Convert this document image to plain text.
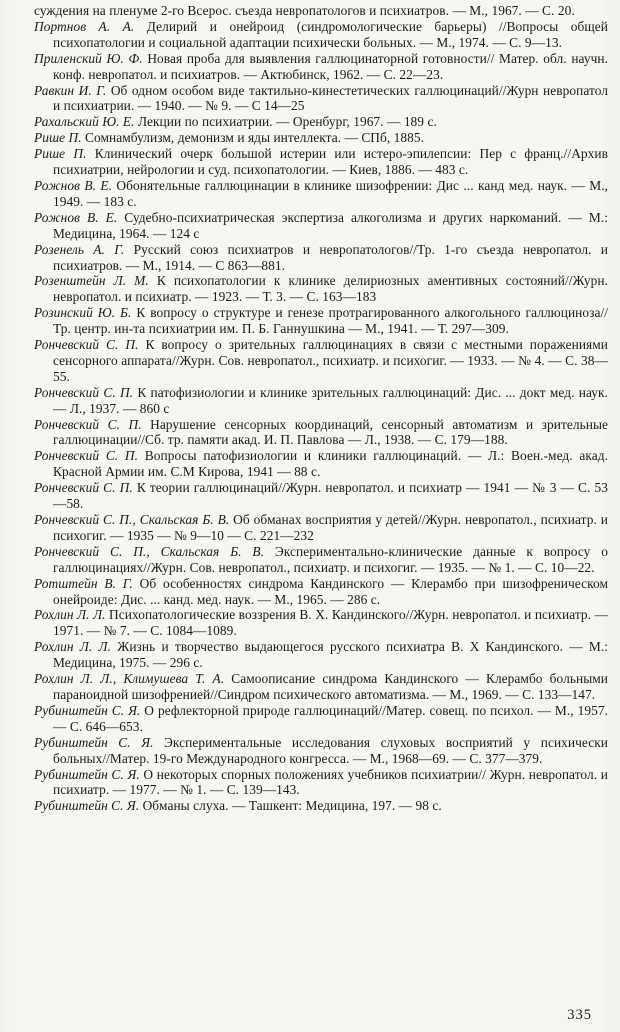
суждения на пленуме 2-го Всерос. съезда невропатологов и психиатров. — М., 1967. — С. 20.
Портнов А. А. Делирий и онейроид (синдромологические барьеры) //Вопросы общей психопатологии и социальной адаптации психически больных. — М., 1974. — С. 9—13.
Приленский Ю. Ф. Новая проба для выявления галлюцинаторной готовности// Матер. обл. научн. конф. невропатол. и психиатров. — Актюбинск, 1962. — С. 22—23.
Равкин И. Г. Об одном особом виде тактильно-кинестетических галлюцинаций//Журн невропатол и психиатрии. — 1940. — № 9. — С 14—25
Рахальский Ю. Е. Лекции по психиатрии. — Оренбург, 1967. — 189 с.
Рише П. Сомнамбулизм, демонизм и яды интеллекта. — СПб, 1885.
Рише П. Клинический очерк большой истерии или истеро-эпилепсии: Пер с франц.//Архив психиатрии, нейрологии и суд. психопатологии. — Киев, 1886. — 483 с.
Рожнов В. Е. Обонятельные галлюцинации в клинике шизофрении: Дис ... канд мед. наук. — М., 1949. — 183 с.
Рожнов В. Е. Судебно-психиатрическая экспертиза алкоголизма и других наркоманий. — М.: Медицина, 1964. — 124 с
Розенель А. Г. Русский союз психиатров и невропатологов//Тр. 1-го съезда невропатол. и психиатров. — М., 1914. — С 863—881.
Розенштейн Л. М. К психопатологии к клинике делириозных аментивных состояний//Журн. невропатол. и психиатр. — 1923. — Т. 3. — С. 163—183
Розинский Ю. Б. К вопросу о структуре и генезе протрагированного алкогольного галлюциноза//Тр. центр. ин-та психиатрии им. П. Б. Ганнушкина — М., 1941. — Т. 297—309.
Рончевский С. П. К вопросу о зрительных галлюцинациях в связи с местными поражениями сенсорного аппарата//Журн. Сов. невропатол., психиатр. и психогиг. — 1933. — № 4. — С. 38—55.
Рончевский С. П. К патофизиологии и клинике зрительных галлюцинаций: Дис. ... докт мед. наук. — Л., 1937. — 860 с
Рончевский С. П. Нарушение сенсорных координаций, сенсорный автоматизм и зрительные галлюцинации//Сб. тр. памяти акад. И. П. Павлова — Л., 1938. — С. 179—188.
Рончевский С. П. Вопросы патофизиологии и клиники галлюцинаций. — Л.: Воен.-мед. акад. Красной Армии им. С.М Кирова, 1941 — 88 с.
Рончевский С. П. К теории галлюцинаций//Журн. невропатол. и психиатр — 1941 — № 3 — С. 53—58.
Рончевский С. П., Скальская Б. В. Об обманах восприятия у детей//Журн. невропатол., психиатр. и психогиг. — 1935 — № 9—10 — С. 221—232
Рончевский С. П., Скальская Б. В. Экспериментально-клинические данные к вопросу о галлюцинациях//Журн. Сов. невропатол., психиатр. и психогиг. — 1935. — № 1. — С. 10—22.
Ротштейн В. Г. Об особенностях синдрома Кандинского — Клерамбо при шизофреническом онейроиде: Дис. ... канд. мед. наук. — М., 1965. — 286 с.
Рохлин Л. Л. Психопатологические воззрения В. Х. Кандинского//Журн. невропатол. и психиатр. — 1971. — № 7. — С. 1084—1089.
Рохлин Л. Л. Жизнь и творчество выдающегося русского психиатра В. Х Кандинского. — М.: Медицина, 1975. — 296 с.
Рохлин Л. Л., Климушева Т. А. Самоописание синдрома Кандинского — Клерамбо больными параноидной шизофренией//Синдром психического автоматизма. — М., 1969. — С. 133—147.
Рубинштейн С. Я. О рефлекторной природе галлюцинаций//Матер. совещ. по психол. — М., 1957. — С. 646—653.
Рубинштейн С. Я. Экспериментальные исследования слуховых восприятий у психически больных//Матер. 19-го Международного конгресса. — М., 1968—69. — С. 377—379.
Рубинштейн С. Я. О некоторых спорных положениях учебников психиатрии// Журн. невропатол. и психиатр. — 1977. — № 1. — С. 139—143.
Рубинштейн С. Я. Обманы слуха. — Ташкент: Медицина, 197. — 98 с.
335
